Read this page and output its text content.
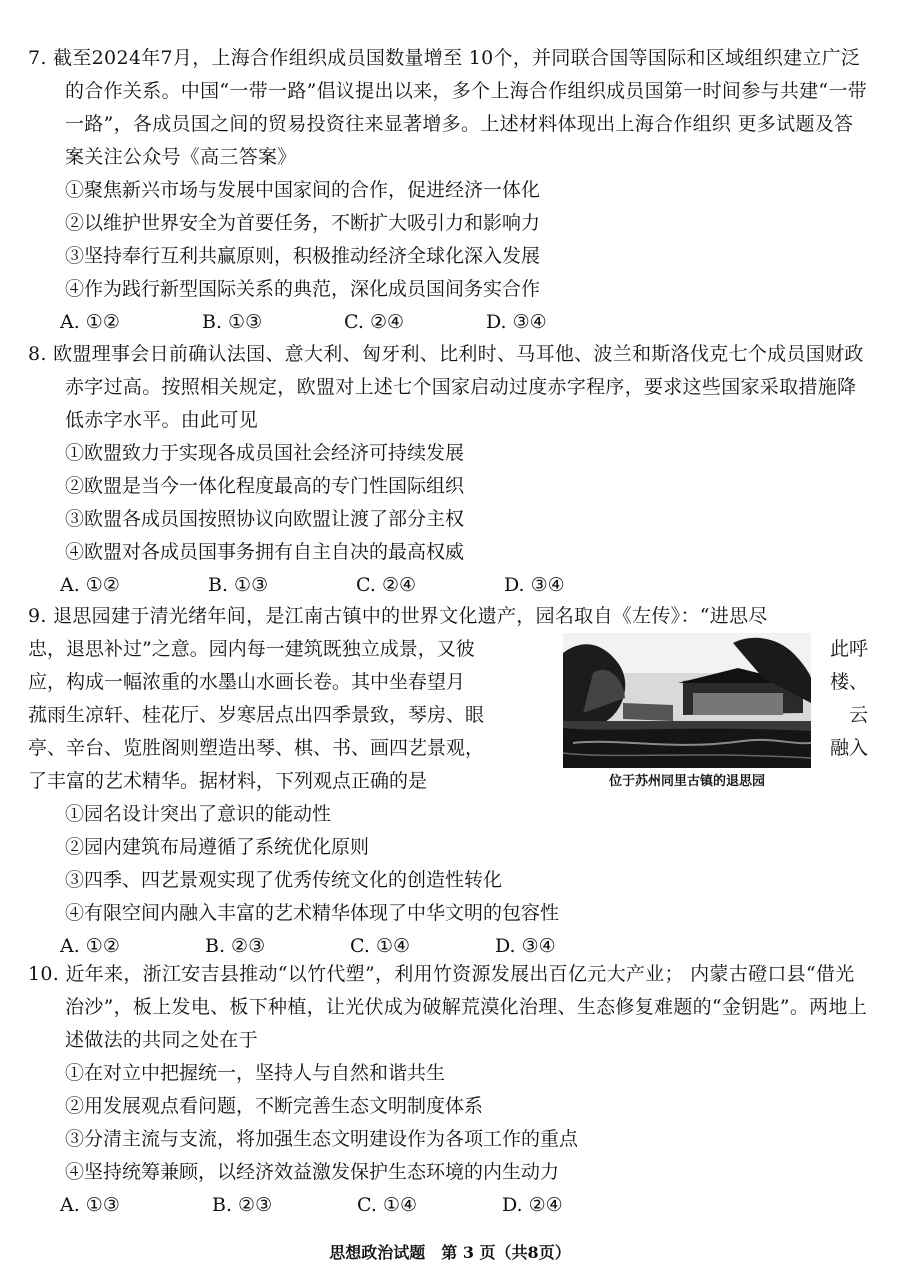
7. 截至2024年7月，上海合作组织成员国数量增至 10个，并同联合国等国际和区域组织建立广泛的合作关系。中国“一带一路”倡议提出以来，多个上海合作组织成员国第一时间参与共建“一带一路”，各成员国之间的贸易投资往来显著增多。上述材料体现出上海合作组织 更多试题及答案关注公众号《高三答案》

①聚焦新兴市场与发展中国家间的合作，促进经济一体化

②以维护世界安全为首要任务，不断扩大吸引力和影响力

③坚持奉行互利共赢原则，积极推动经济全球化深入发展

④作为践行新型国际关系的典范，深化成员国间务实合作

A. ①②	B. ①③	C. ②④	D. ③④

8. 欧盟理事会日前确认法国、意大利、匈牙利、比利时、马耳他、波兰和斯洛伐克七个成员国财政赤字过高。按照相关规定，欧盟对上述七个国家启动过度赤字程序，要求这些国家采取措施降低赤字水平。由此可见

①欧盟致力于实现各成员国社会经济可持续发展

②欧盟是当今一体化程度最高的专门性国际组织

③欧盟各成员国按照协议向欧盟让渡了部分主权

④欧盟对各成员国事务拥有自主自决的最高权威

A. ①②	B. ①③	C. ②④	D. ③④

9. 退思园建于清光绪年间，是江南古镇中的世界文化遗产，园名取自《左传》：“进思尽

忠，退思补过”之意。园内每一建筑既独立成景，又彼

应，构成一幅浓重的水墨山水画长卷。其中坐春望月

菰雨生凉轩、桂花厅、岁寒居点出四季景致，琴房、眼

亭、辛台、览胜阁则塑造出琴、棋、书、画四艺景观，

了丰富的艺术精华。据材料，下列观点正确的是

此呼
楼、
云
融入
位于苏州同里古镇的退思园

①园名设计突出了意识的能动性

②园内建筑布局遵循了系统优化原则

③四季、四艺景观实现了优秀传统文化的创造性转化

④有限空间内融入丰富的艺术精华体现了中华文明的包容性

A. ①②	B. ②③	C. ①④	D. ③④

10. 近年来，浙江安吉县推动“以竹代塑”，利用竹资源发展出百亿元大产业； 内蒙古磴口县“借光治沙”，板上发电、板下种植，让光伏成为破解荒漠化治理、生态修复难题的“金钥匙”。两地上述做法的共同之处在于

①在对立中把握统一，坚持人与自然和谐共生

②用发展观点看问题，不断完善生态文明制度体系

③分清主流与支流，将加强生态文明建设作为各项工作的重点

④坚持统筹兼顾，以经济效益激发保护生态环境的内生动力

A. ①③	B. ②③	C. ①④	D. ②④
思想政治试题　第 3 页（共8页）
